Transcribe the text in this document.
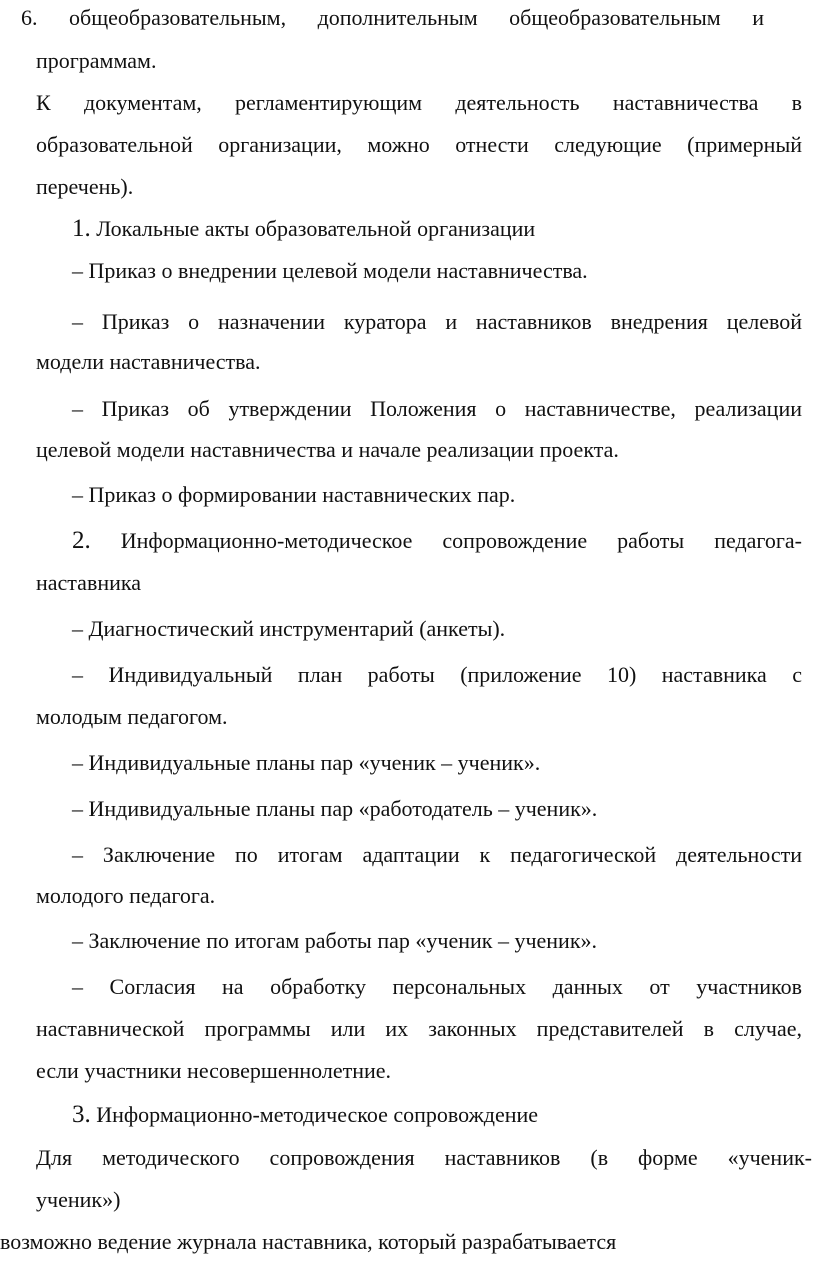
6. общеобразовательным, дополнительным общеобразовательным и
программам.
К документам, регламентирующим деятельность наставничества в
образовательной организации, можно отнести следующие (примерный
перечень).
1. Локальные акты образовательной организации
– Приказ о внедрении целевой модели наставничества.
– Приказ о назначении куратора и наставников внедрения целевой
модели наставничества.
– Приказ об утверждении Положения о наставничестве, реализации
целевой модели наставничества и начале реализации проекта.
– Приказ о формировании наставнических пар.
2. Информационно-методическое сопровождение работы педагога-
наставника
– Диагностический инструментарий (анкеты).
– Индивидуальный план работы (приложение 10) наставника с
молодым педагогом.
– Индивидуальные планы пар «ученик – ученик».
– Индивидуальные планы пар «работодатель – ученик».
– Заключение по итогам адаптации к педагогической деятельности
молодого педагога.
– Заключение по итогам работы пар «ученик – ученик».
– Согласия на обработку персональных данных от участников
наставнической программы или их законных представителей в случае,
если участники несовершеннолетние.
3. Информационно-методическое сопровождение
Для методического сопровождения наставников (в форме «ученик-
ученик»)
возможно ведение журнала наставника, который разрабатывается
